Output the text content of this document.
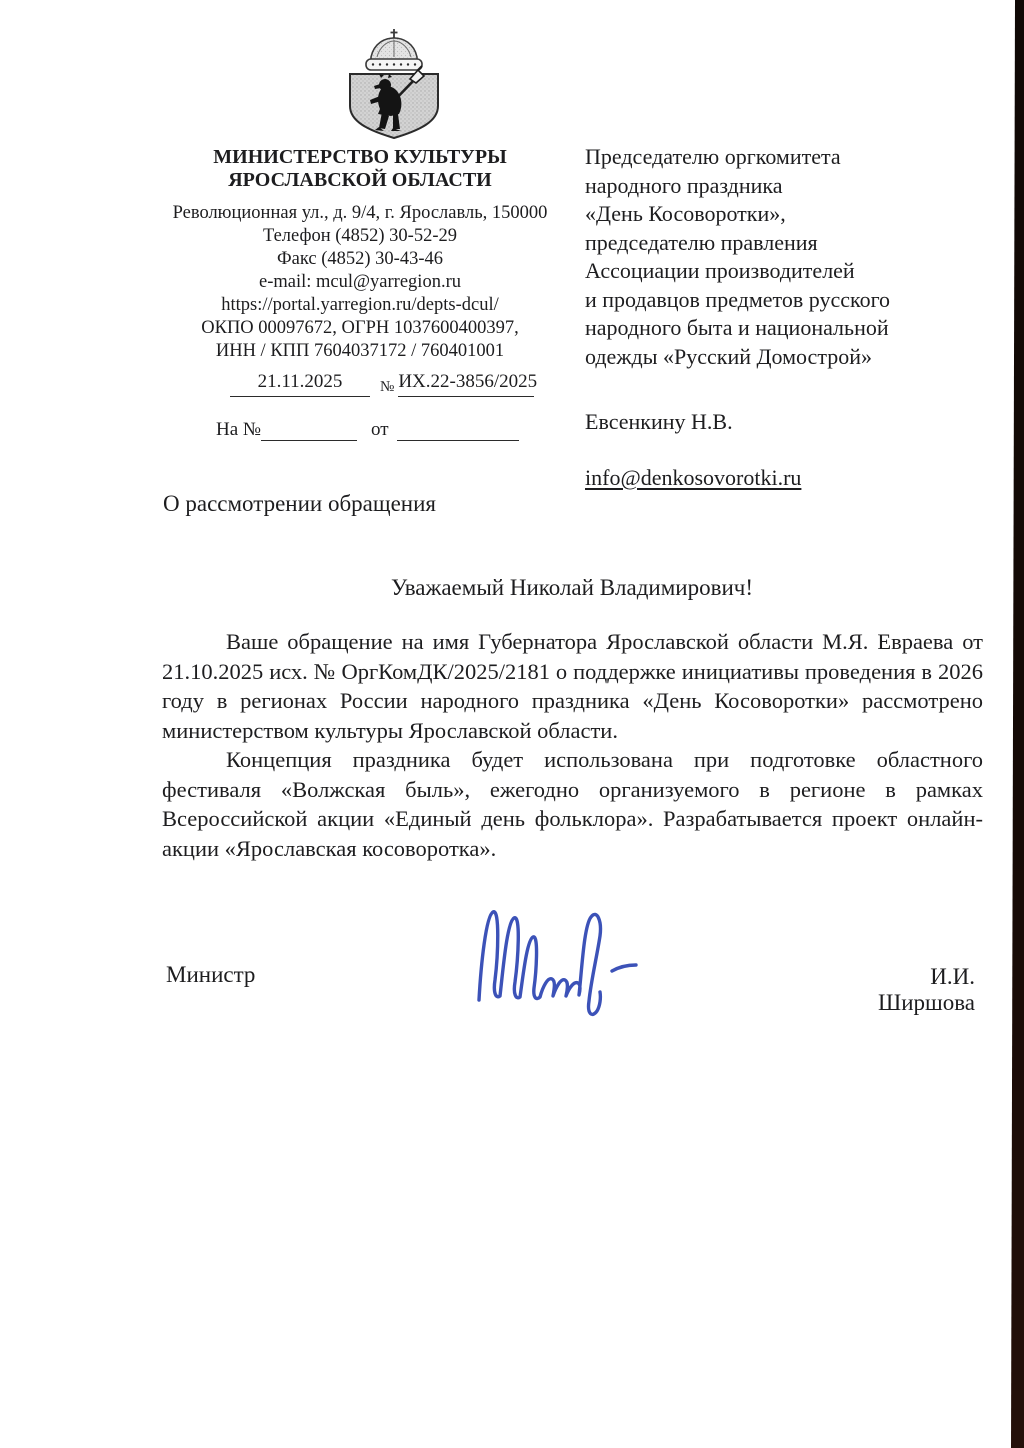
МИНИСТЕРСТВО КУЛЬТУРЫ
ЯРОСЛАВСКОЙ ОБЛАСТИ
Революционная ул., д. 9/4, г. Ярославль, 150000
Телефон (4852) 30-52-29
Факс (4852) 30-43-46
e-mail: mcul@yarregion.ru
https://portal.yarregion.ru/depts-dcul/
ОКПО 00097672, ОГРН 1037600400397,
ИНН / КПП 7604037172 / 760401001
21.11.2025	№ ИХ.22-3856/2025
На №	от
Председателю оргкомитета
народного праздника
«День Косоворотки»,
председателю правления
Ассоциации производителей
и продавцов предметов русского
народного быта и национальной
одежды «Русский Домострой»
Евсенкину Н.В.
info@denkosovorotki.ru
О рассмотрении обращения
Уважаемый Николай Владимирович!

Ваше обращение на имя Губернатора Ярославской области М.Я. Евраева от 21.10.2025 исх. № ОргКомДК/2025/2181 о поддержке инициативы проведения в 2026 году в регионах России народного праздника «День Косоворотки» рассмотрено министерством культуры Ярославской области.

Концепция праздника будет использована при подготовке областного фестиваля «Волжская быль», ежегодно организуемого в регионе в рамках Всероссийской акции «Единый день фольклора». Разрабатывается проект онлайн-акции «Ярославская косоворотка».

Министр	И.И. Ширшова
